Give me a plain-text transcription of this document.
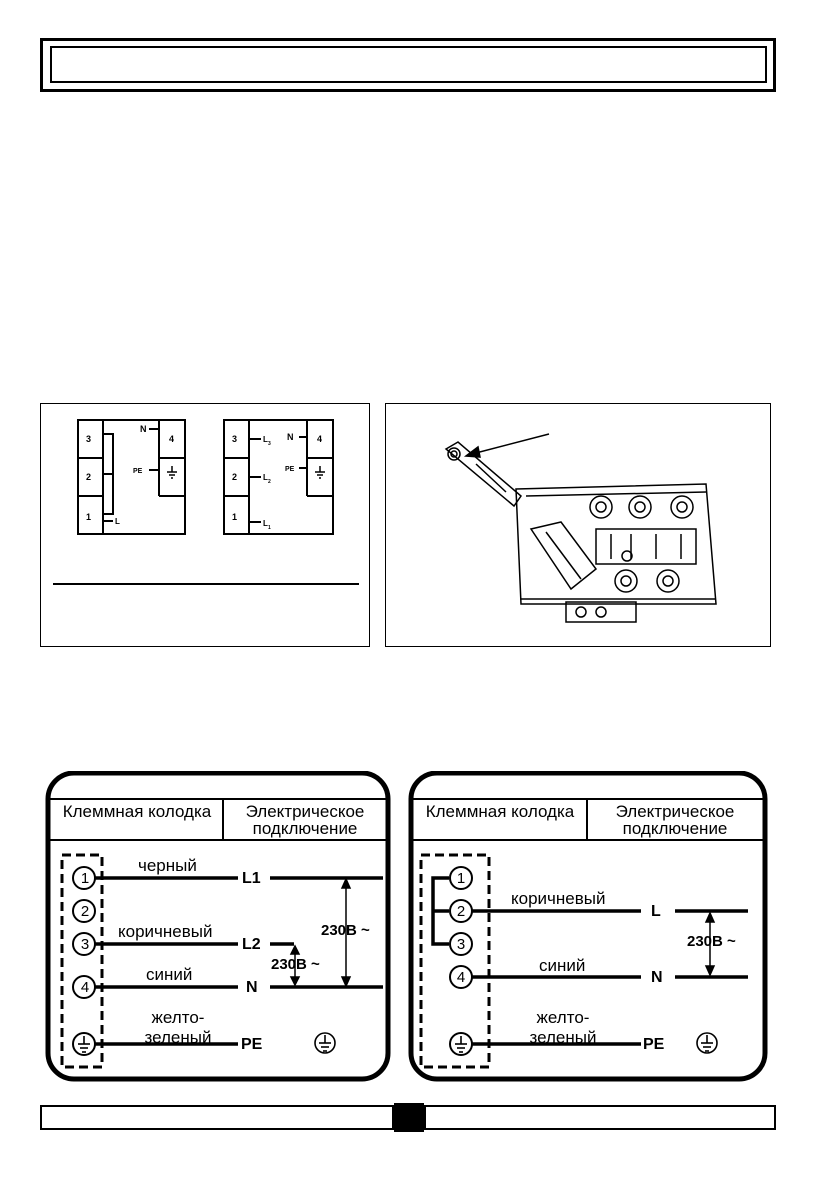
3
2
1
N
4
PE
L
3
2
1
4
N
PE
L 3
L 2
L 1
Клеммная колодка	Электрическое подключение
1
2
3
4
черный
коричневый
синий
желто-
зеленый
L1
L2
N
PE
230В ~
230В ~
Клеммная колодка	Электрическое подключение
1
2
3
4
коричневый
синий
желто-
зеленый
L
N
PE
230В ~
